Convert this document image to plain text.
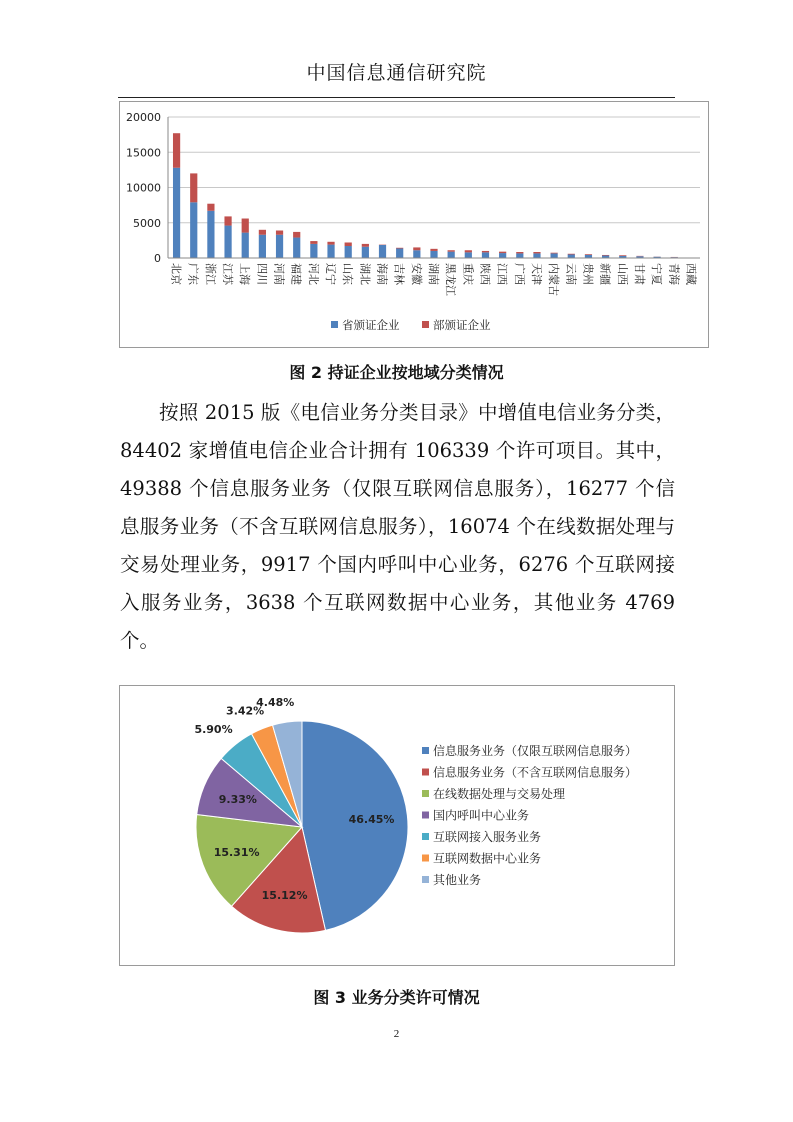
中国信息通信研究院
0
5000
10000
15000
20000
北京 广东 浙江 江苏 上海 四川 河南 福建 河北 辽宁 山东 湖北 海南 吉林 安徽 湖南 黑龙江 重庆 陕西 江西 广西 天津 内蒙古 云南 贵州 新疆 山西 甘肃 宁夏 青海 西藏
省颁证企业	部颁证企业
图 2 持证企业按地域分类情况
按照 2015 版《电信业务分类目录》中增值电信业务分类，84402 家增值电信企业合计拥有 106339 个许可项目。其中，49388 个信息服务业务（仅限互联网信息服务），16277 个信息服务业务（不含互联网信息服务），16074 个在线数据处理与交易处理业务，9917 个国内呼叫中心业务，6276 个互联网接入服务业务，3638 个互联网数据中心业务，其他业务 4769 个。
46.45%
15.12%
15.31%
9.33%
5.90%
3.42%
4.48%
信息服务业务（仅限互联网信息服务）
信息服务业务（不含互联网信息服务）
在线数据处理与交易处理
国内呼叫中心业务
互联网接入服务业务
互联网数据中心业务
其他业务
图 3 业务分类许可情况
2
